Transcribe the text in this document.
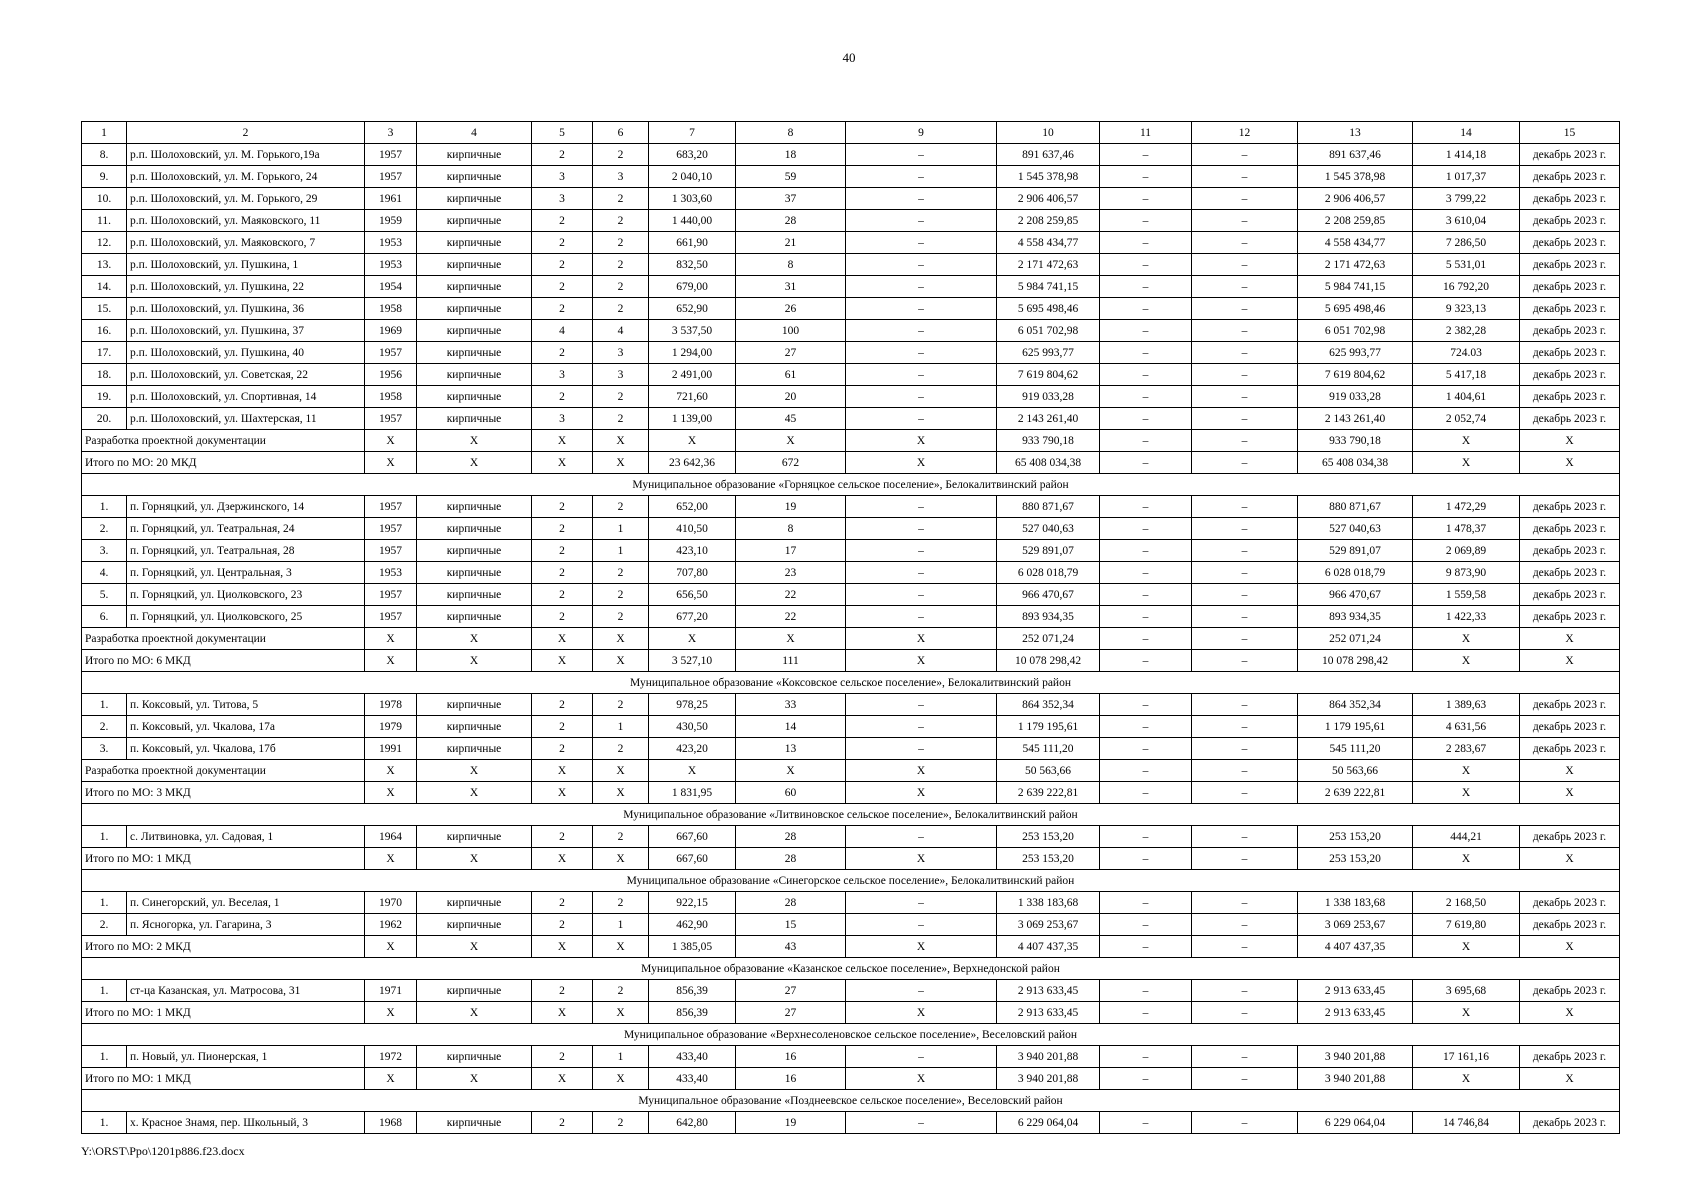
40
1	2	3	4	5	6	7	8	9	10	11	12	13	14	15
8.	р.п. Шолоховский, ул. М. Горького,19а	1957	кирпичные	2	2	683,20	18	–	891 637,46	–	–	891 637,46	1 414,18	декабрь 2023 г.
9.	р.п. Шолоховский, ул. М. Горького, 24	1957	кирпичные	3	3	2 040,10	59	–	1 545 378,98	–	–	1 545 378,98	1 017,37	декабрь 2023 г.
10.	р.п. Шолоховский, ул. М. Горького, 29	1961	кирпичные	3	2	1 303,60	37	–	2 906 406,57	–	–	2 906 406,57	3 799,22	декабрь 2023 г.
11.	р.п. Шолоховский, ул. Маяковского, 11	1959	кирпичные	2	2	1 440,00	28	–	2 208 259,85	–	–	2 208 259,85	3 610,04	декабрь 2023 г.
12.	р.п. Шолоховский, ул. Маяковского, 7	1953	кирпичные	2	2	661,90	21	–	4 558 434,77	–	–	4 558 434,77	7 286,50	декабрь 2023 г.
13.	р.п. Шолоховский, ул. Пушкина, 1	1953	кирпичные	2	2	832,50	8	–	2 171 472,63	–	–	2 171 472,63	5 531,01	декабрь 2023 г.
14.	р.п. Шолоховский, ул. Пушкина, 22	1954	кирпичные	2	2	679,00	31	–	5 984 741,15	–	–	5 984 741,15	16 792,20	декабрь 2023 г.
15.	р.п. Шолоховский, ул. Пушкина, 36	1958	кирпичные	2	2	652,90	26	–	5 695 498,46	–	–	5 695 498,46	9 323,13	декабрь 2023 г.
16.	р.п. Шолоховский, ул. Пушкина, 37	1969	кирпичные	4	4	3 537,50	100	–	6 051 702,98	–	–	6 051 702,98	2 382,28	декабрь 2023 г.
17.	р.п. Шолоховский, ул. Пушкина, 40	1957	кирпичные	2	3	1 294,00	27	–	625 993,77	–	–	625 993,77	724.03	декабрь 2023 г.
18.	р.п. Шолоховский, ул. Советская, 22	1956	кирпичные	3	3	2 491,00	61	–	7 619 804,62	–	–	7 619 804,62	5 417,18	декабрь 2023 г.
19.	р.п. Шолоховский, ул. Спортивная, 14	1958	кирпичные	2	2	721,60	20	–	919 033,28	–	–	919 033,28	1 404,61	декабрь 2023 г.
20.	р.п. Шолоховский, ул. Шахтерская, 11	1957	кирпичные	3	2	1 139,00	45	–	2 143 261,40	–	–	2 143 261,40	2 052,74	декабрь 2023 г.
Разработка проектной документации		X	X	X	X	X	X	X	933 790,18	–	–	933 790,18	X	X
Итого по МО: 20 МКД		X	X	X	X	23 642,36	672	X	65 408 034,38	–	–	65 408 034,38	X	X
Муниципальное образование «Горняцкое сельское поселение», Белокалитвинский район														
1.	п. Горняцкий, ул. Дзержинского, 14	1957	кирпичные	2	2	652,00	19	–	880 871,67	–	–	880 871,67	1 472,29	декабрь 2023 г.
2.	п. Горняцкий, ул. Театральная, 24	1957	кирпичные	2	1	410,50	8	–	527 040,63	–	–	527 040,63	1 478,37	декабрь 2023 г.
3.	п. Горняцкий, ул. Театральная, 28	1957	кирпичные	2	1	423,10	17	–	529 891,07	–	–	529 891,07	2 069,89	декабрь 2023 г.
4.	п. Горняцкий, ул. Центральная, 3	1953	кирпичные	2	2	707,80	23	–	6 028 018,79	–	–	6 028 018,79	9 873,90	декабрь 2023 г.
5.	п. Горняцкий, ул. Циолковского, 23	1957	кирпичные	2	2	656,50	22	–	966 470,67	–	–	966 470,67	1 559,58	декабрь 2023 г.
6.	п. Горняцкий, ул. Циолковского, 25	1957	кирпичные	2	2	677,20	22	–	893 934,35	–	–	893 934,35	1 422,33	декабрь 2023 г.
Разработка проектной документации		X	X	X	X	X	X	X	252 071,24	–	–	252 071,24	X	X
Итого по МО: 6 МКД		X	X	X	X	3 527,10	111	X	10 078 298,42	–	–	10 078 298,42	X	X
Муниципальное образование «Коксовское сельское поселение», Белокалитвинский район														
1.	п. Коксовый, ул. Титова, 5	1978	кирпичные	2	2	978,25	33	–	864 352,34	–	–	864 352,34	1 389,63	декабрь 2023 г.
2.	п. Коксовый, ул. Чкалова, 17а	1979	кирпичные	2	1	430,50	14	–	1 179 195,61	–	–	1 179 195,61	4 631,56	декабрь 2023 г.
3.	п. Коксовый, ул. Чкалова, 17б	1991	кирпичные	2	2	423,20	13	–	545 111,20	–	–	545 111,20	2 283,67	декабрь 2023 г.
Разработка проектной документации		X	X	X	X	X	X	X	50 563,66	–	–	50 563,66	X	X
Итого по МО: 3 МКД		X	X	X	X	1 831,95	60	X	2 639 222,81	–	–	2 639 222,81	X	X
Муниципальное образование «Литвиновское сельское поселение», Белокалитвинский район														
1.	с. Литвиновка, ул. Садовая, 1	1964	кирпичные	2	2	667,60	28	–	253 153,20	–	–	253 153,20	444,21	декабрь 2023 г.
Итого по МО: 1 МКД		X	X	X	X	667,60	28	X	253 153,20	–	–	253 153,20	X	X
Муниципальное образование «Синегорское сельское поселение», Белокалитвинский район														
1.	п. Синегорский, ул. Веселая, 1	1970	кирпичные	2	2	922,15	28	–	1 338 183,68	–	–	1 338 183,68	2 168,50	декабрь 2023 г.
2.	п. Ясногорка, ул. Гагарина, 3	1962	кирпичные	2	1	462,90	15	–	3 069 253,67	–	–	3 069 253,67	7 619,80	декабрь 2023 г.
Итого по МО: 2 МКД		X	X	X	X	1 385,05	43	X	4 407 437,35	–	–	4 407 437,35	X	X
Муниципальное образование «Казанское сельское поселение», Верхнедонской район														
1.	ст-ца Казанская, ул. Матросова, 31	1971	кирпичные	2	2	856,39	27	–	2 913 633,45	–	–	2 913 633,45	3 695,68	декабрь 2023 г.
Итого по МО: 1 МКД		X	X	X	X	856,39	27	X	2 913 633,45	–	–	2 913 633,45	X	X
Муниципальное образование «Верхнесоленовское сельское поселение», Веселовский район														
1.	п. Новый, ул. Пионерская, 1	1972	кирпичные	2	1	433,40	16	–	3 940 201,88	–	–	3 940 201,88	17 161,16	декабрь 2023 г.
Итого по МО: 1 МКД		X	X	X	X	433,40	16	X	3 940 201,88	–	–	3 940 201,88	X	X
Муниципальное образование «Позднеевское сельское поселение», Веселовский район														
1.	х. Красное Знамя, пер. Школьный, 3	1968	кирпичные	2	2	642,80	19	–	6 229 064,04	–	–	6 229 064,04	14 746,84	декабрь 2023 г.
Y:\ORST\Ppo\1201p886.f23.docx
